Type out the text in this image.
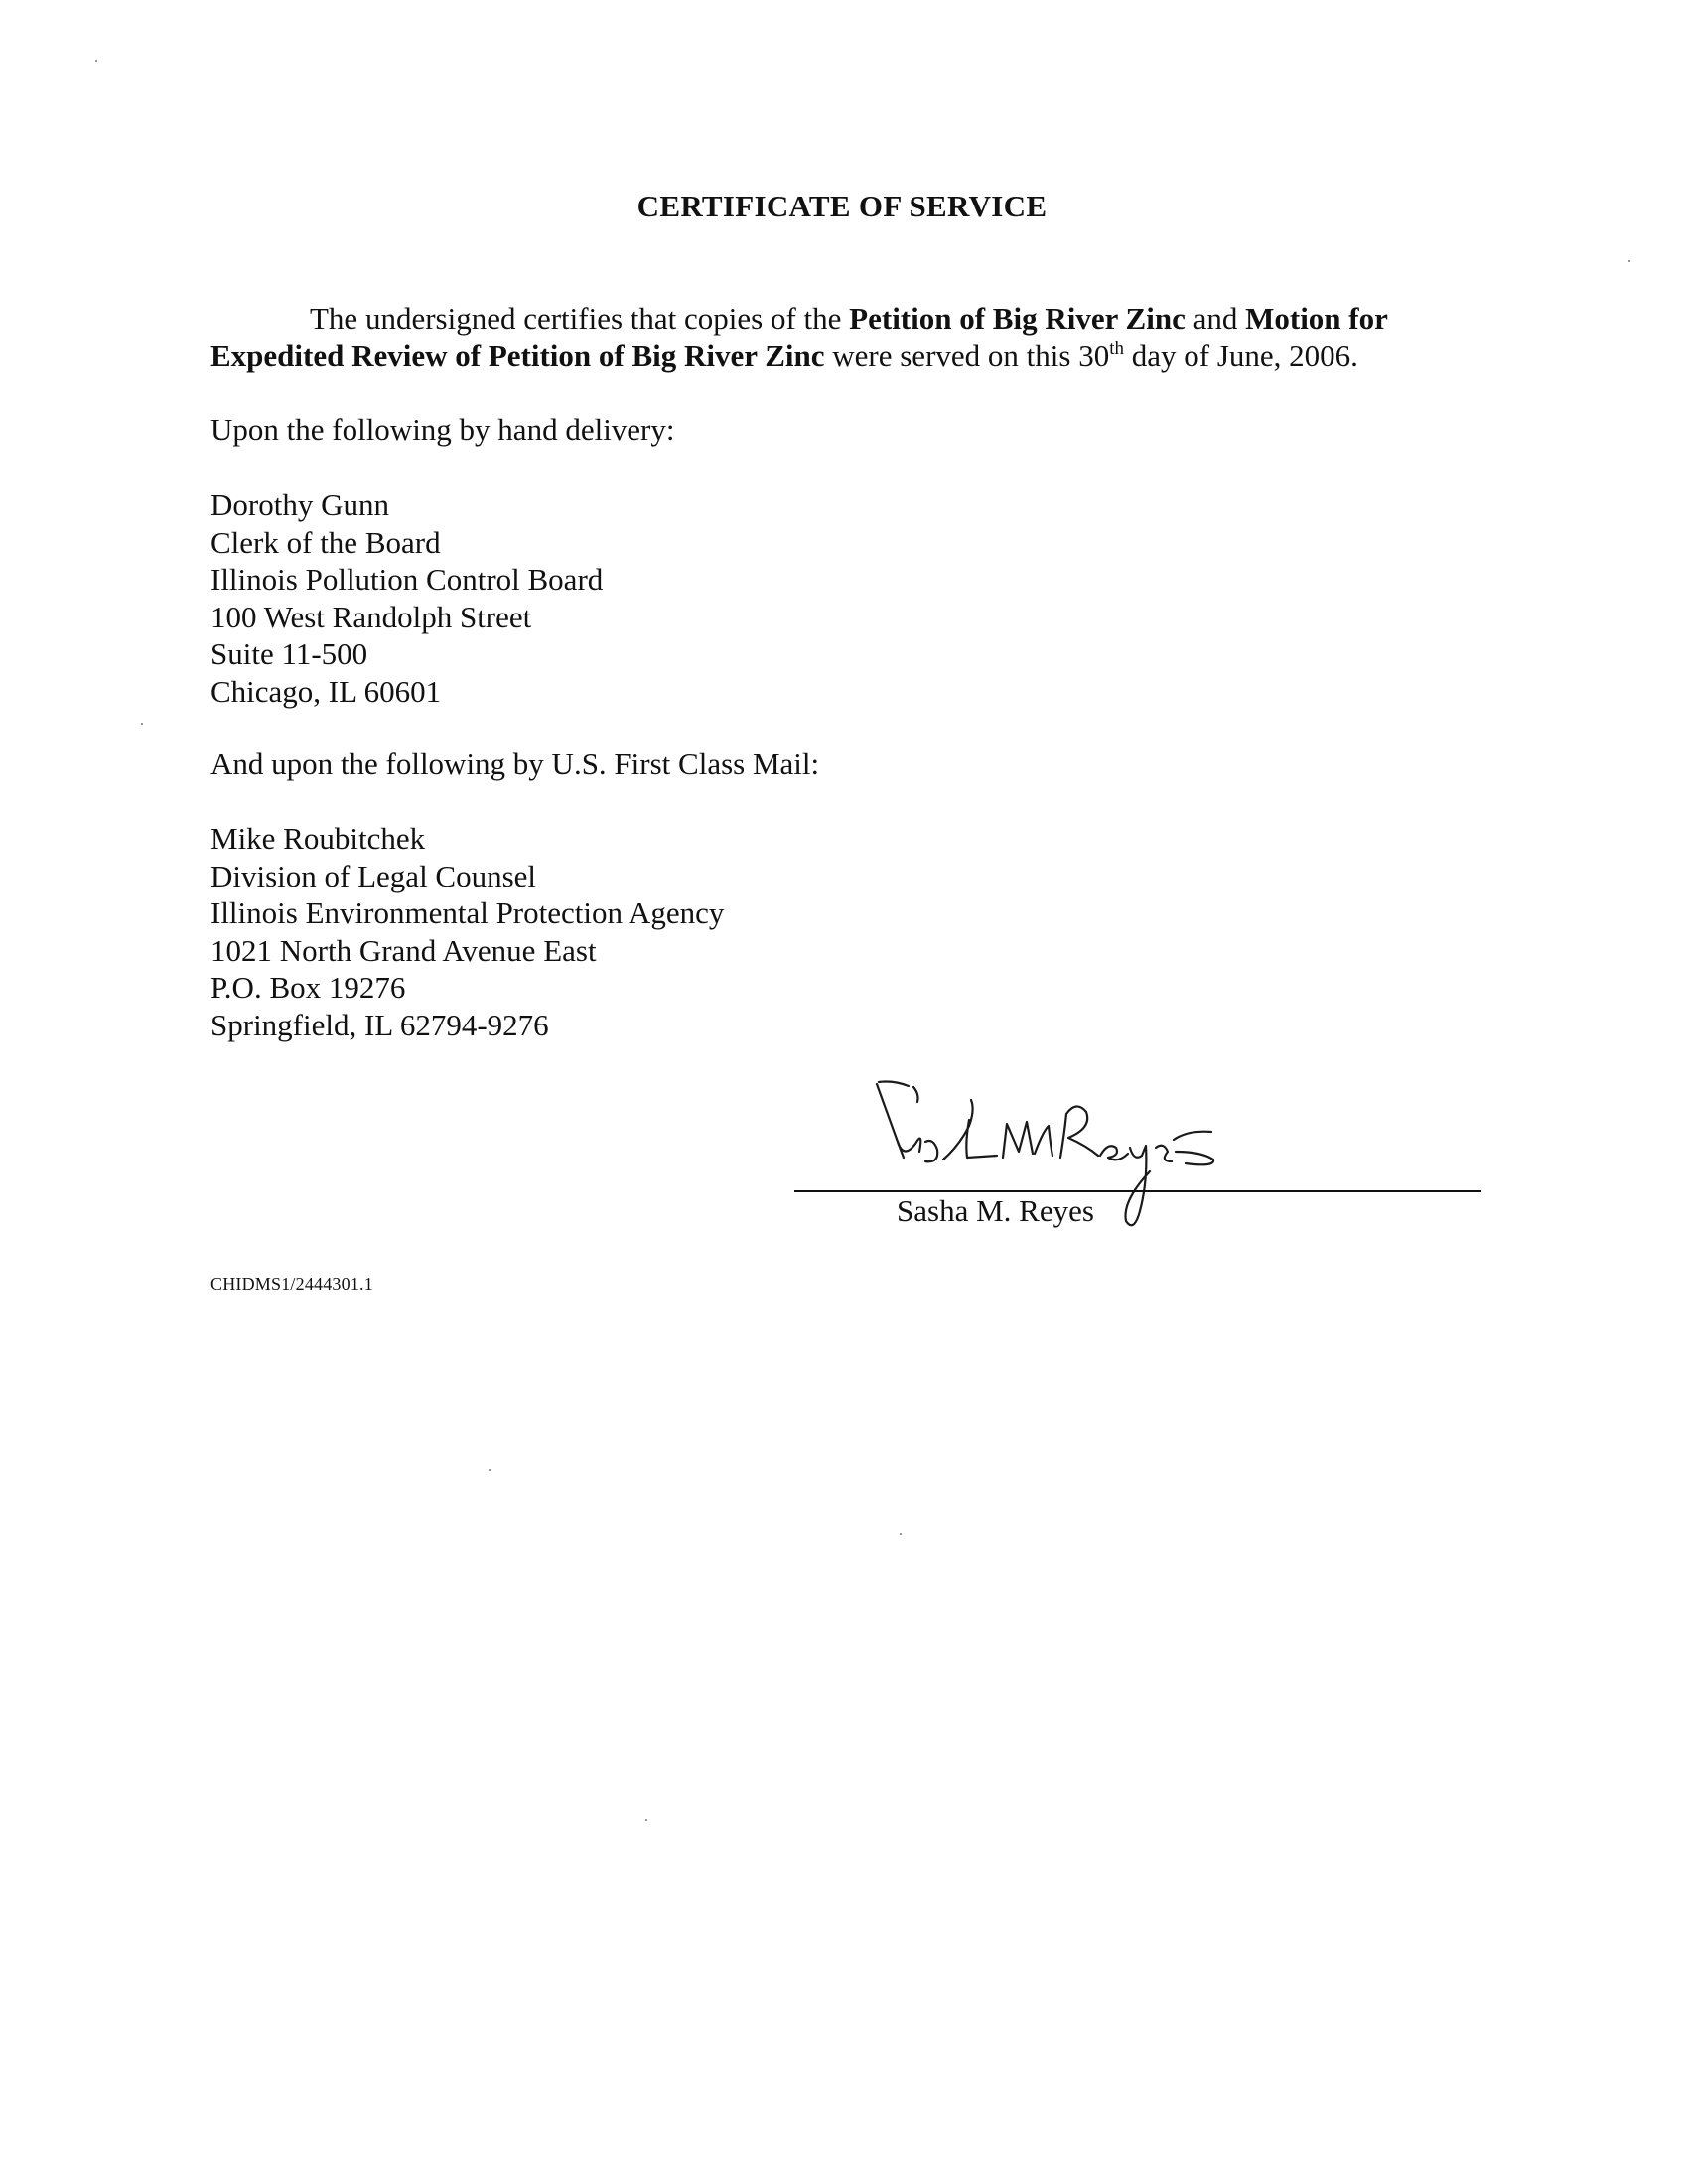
CERTIFICATE OF SERVICE

The undersigned certifies that copies of the Petition of Big River Zinc and Motion for Expedited Review of Petition of Big River Zinc were served on this 30th day of June, 2006.

Upon the following by hand delivery:

Dorothy Gunn
Clerk of the Board
Illinois Pollution Control Board
100 West Randolph Street
Suite 11-500
Chicago, IL 60601

And upon the following by U.S. First Class Mail:

Mike Roubitchek
Division of Legal Counsel
Illinois Environmental Protection Agency
1021 North Grand Avenue East
P.O. Box 19276
Springfield, IL 62794-9276

Sasha M. Reyes

CHIDMS1/2444301.1
